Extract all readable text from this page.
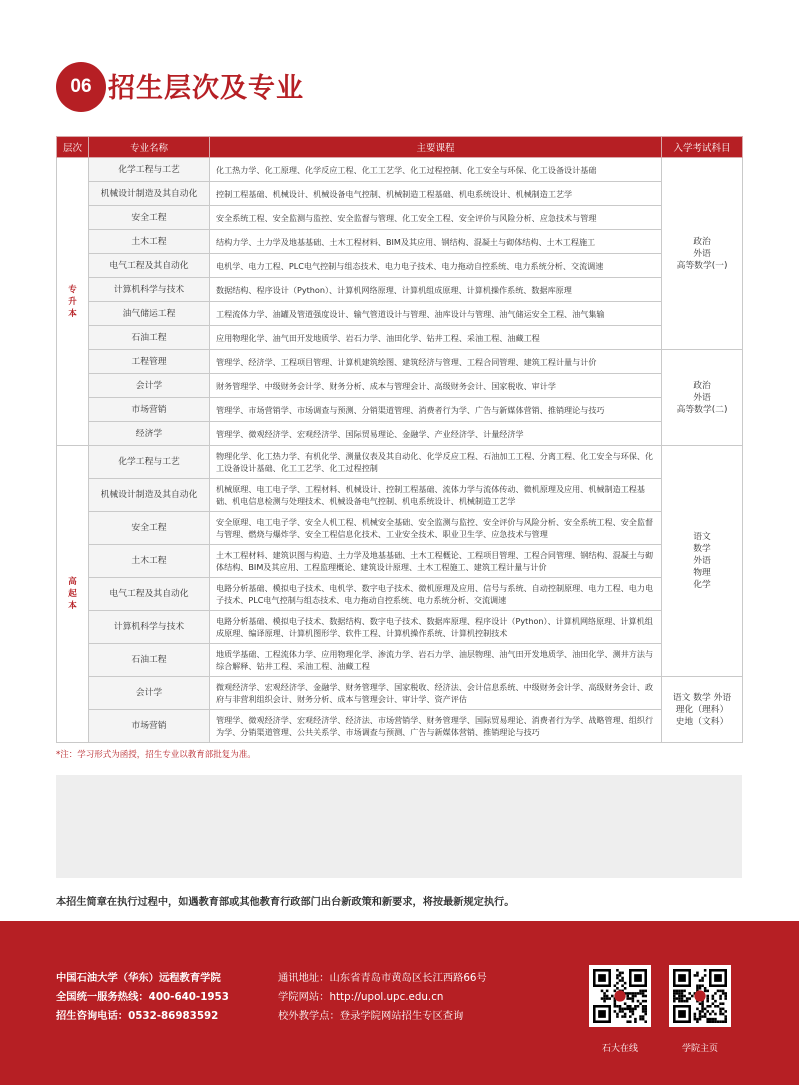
06 招生层次及专业
层次	专业名称	主要课程	入学考试科目
专
升
本	化学工程与工艺	化工热力学、化工原理、化学反应工程、化工工艺学、化工过程控制、化工安全与环保、化工设备设计基础	政治
外语
高等数学(一)
	机械设计制造及其自动化	控制工程基础、机械设计、机械设备电气控制、机械制造工程基础、机电系统设计、机械制造工艺学	
	安全工程	安全系统工程、安全监测与监控、安全监督与管理、化工安全工程、安全评价与风险分析、应急技术与管理	
	土木工程	结构力学、土力学及地基基础、土木工程材料、BIM及其应用、钢结构、混凝土与砌体结构、土木工程施工	
	电气工程及其自动化	电机学、电力工程、PLC电气控制与组态技术、电力电子技术、电力拖动自控系统、电力系统分析、交流调速	
	计算机科学与技术	数据结构、程序设计（Python）、计算机网络原理、计算机组成原理、计算机操作系统、数据库原理	
	油气储运工程	工程流体力学、油罐及管道强度设计、输气管道设计与管理、油库设计与管理、油气储运安全工程、油气集输	
	石油工程	应用物理化学、油气田开发地质学、岩石力学、油田化学、钻井工程、采油工程、油藏工程	
	工程管理	管理学、经济学、工程项目管理、计算机建筑绘图、建筑经济与管理、工程合同管理、建筑工程计量与计价	政治
外语
高等数学(二)
	会计学	财务管理学、中级财务会计学、财务分析、成本与管理会计、高级财务会计、国家税收、审计学	
	市场营销	管理学、市场营销学、市场调查与预测、分销渠道管理、消费者行为学、广告与新媒体营销、推销理论与技巧	
	经济学	管理学、微观经济学、宏观经济学、国际贸易理论、金融学、产业经济学、计量经济学	
高
起
本	化学工程与工艺	物理化学、化工热力学、有机化学、测量仪表及其自动化、化学反应工程、石油加工工程、分离工程、化工安全与环保、化工设备设计基础、化工工艺学、化工过程控制	语文
数学
外语
物理
化学
	机械设计制造及其自动化	机械原理、电工电子学、工程材料、机械设计、控制工程基础、流体力学与流体传动、微机原理及应用、机械制造工程基础、机电信息检测与处理技术、机械设备电气控制、机电系统设计、机械制造工艺学	
	安全工程	安全原理、电工电子学、安全人机工程、机械安全基础、安全监测与监控、安全评价与风险分析、安全系统工程、安全监督与管理、燃烧与爆炸学、安全工程信息化技术、工业安全技术、职业卫生学、应急技术与管理	
	土木工程	土木工程材料、建筑识图与构造、土力学及地基基础、土木工程概论、工程项目管理、工程合同管理、钢结构、混凝土与砌体结构、BIM及其应用、工程监理概论、建筑设计原理、土木工程施工、建筑工程计量与计价	
	电气工程及其自动化	电路分析基础、模拟电子技术、电机学、数字电子技术、微机原理及应用、信号与系统、自动控制原理、电力工程、电力电子技术、PLC电气控制与组态技术、电力拖动自控系统、电力系统分析、交流调速	
	计算机科学与技术	电路分析基础、模拟电子技术、数据结构、数字电子技术、数据库原理、程序设计（Python）、计算机网络原理、计算机组成原理、编译原理、计算机图形学、软件工程、计算机操作系统、计算机控制技术	
	石油工程	地质学基础、工程流体力学、应用物理化学、渗流力学、岩石力学、油层物理、油气田开发地质学、油田化学、测井方法与综合解释、钻井工程、采油工程、油藏工程	
	会计学	微观经济学、宏观经济学、金融学、财务管理学、国家税收、经济法、会计信息系统、中级财务会计学、高级财务会计、政府与非营利组织会计、财务分析、成本与管理会计、审计学、资产评估	语文 数学 外语
理化（理科）
史地（文科）
	市场营销	管理学、微观经济学、宏观经济学、经济法、市场营销学、财务管理学、国际贸易理论、消费者行为学、战略管理、组织行为学、分销渠道管理、公共关系学、市场调查与预测、广告与新媒体营销、推销理论与技巧	
*注：学习形式为函授，招生专业以教育部批复为准。
本招生简章在执行过程中，如遇教育部或其他教育行政部门出台新政策和新要求，将按最新规定执行。
中国石油大学（华东）远程教育学院
全国统一服务热线：400-640-1953
招生咨询电话：0532-86983592
通讯地址：山东省青岛市黄岛区长江西路66号
学院网站：http://upol.upc.edu.cn
校外教学点：登录学院网站招生专区查询
石大在线	学院主页
